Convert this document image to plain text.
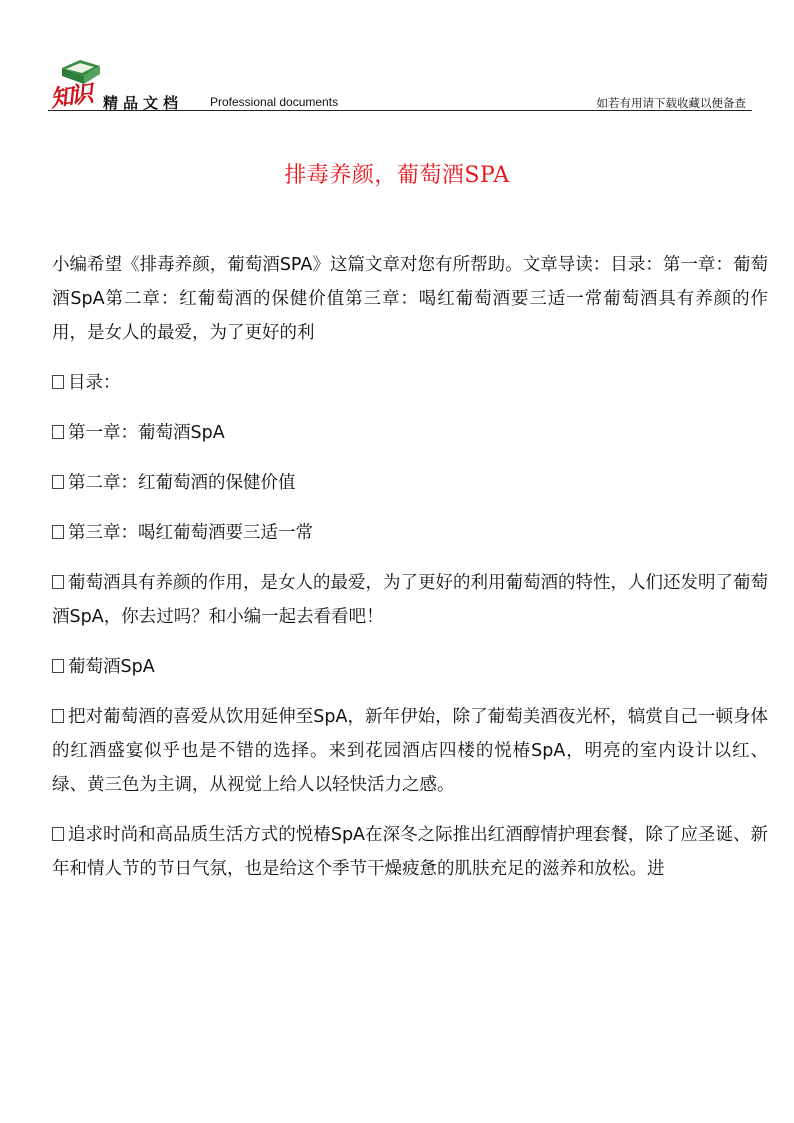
知识 精品文档 Professional documents	如若有用请下载收藏以便备查
排毒养颜，葡萄酒SPA

小编希望《排毒养颜，葡萄酒SPA》这篇文章对您有所帮助。文章导读：目录：第一章：葡萄酒SpA第二章：红葡萄酒的保健价值第三章：喝红葡萄酒要三适一常葡萄酒具有养颜的作用，是女人的最爱，为了更好的利

目录：

第一章：葡萄酒SpA

第二章：红葡萄酒的保健价值

第三章：喝红葡萄酒要三适一常

葡萄酒具有养颜的作用，是女人的最爱，为了更好的利用葡萄酒的特性，人们还发明了葡萄酒SpA，你去过吗？和小编一起去看看吧！

葡萄酒SpA

把对葡萄酒的喜爱从饮用延伸至SpA，新年伊始，除了葡萄美酒夜光杯，犒赏自己一顿身体的红酒盛宴似乎也是不错的选择。来到花园酒店四楼的悦椿SpA，明亮的室内设计以红、绿、黄三色为主调，从视觉上给人以轻快活力之感。

追求时尚和高品质生活方式的悦椿SpA在深冬之际推出红酒醇情护理套餐，除了应圣诞、新年和情人节的节日气氛，也是给这个季节干燥疲惫的肌肤充足的滋养和放松。进
